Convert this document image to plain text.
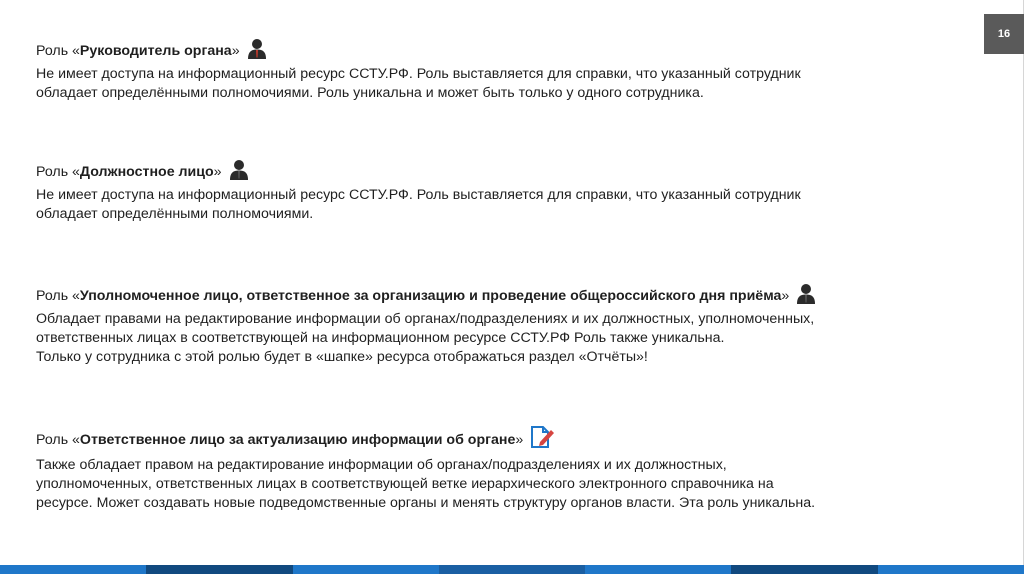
16
Роль « Руководитель органа »

Не имеет доступа на информационный ресурс ССТУ.РФ. Роль выставляется для справки, что указанный сотрудник

обладает определёнными полномочиями. Роль уникальна и может быть только у одного сотрудника.

Роль « Должностное лицо »

Не имеет доступа на информационный ресурс ССТУ.РФ. Роль выставляется для справки, что указанный сотрудник

обладает определёнными полномочиями.

Роль « Уполномоченное лицо, ответственное за организацию и проведение общероссийского дня приёма »

Обладает правами на редактирование информации об органах/подразделениях и их должностных, уполномоченных,

ответственных лицах в соответствующей на информационном ресурсе ССТУ.РФ Роль также уникальна.

Только у сотрудника с этой ролью будет в «шапке» ресурса отображаться раздел «Отчёты»!

Роль « Ответственное лицо за актуализацию информации об органе »

Также обладает правом на редактирование информации об органах/подразделениях и их должностных,

уполномоченных, ответственных лицах в соответствующей ветке иерархического электронного справочника на

ресурсе. Может создавать новые подведомственные органы и менять структуру органов власти. Эта роль уникальна.
